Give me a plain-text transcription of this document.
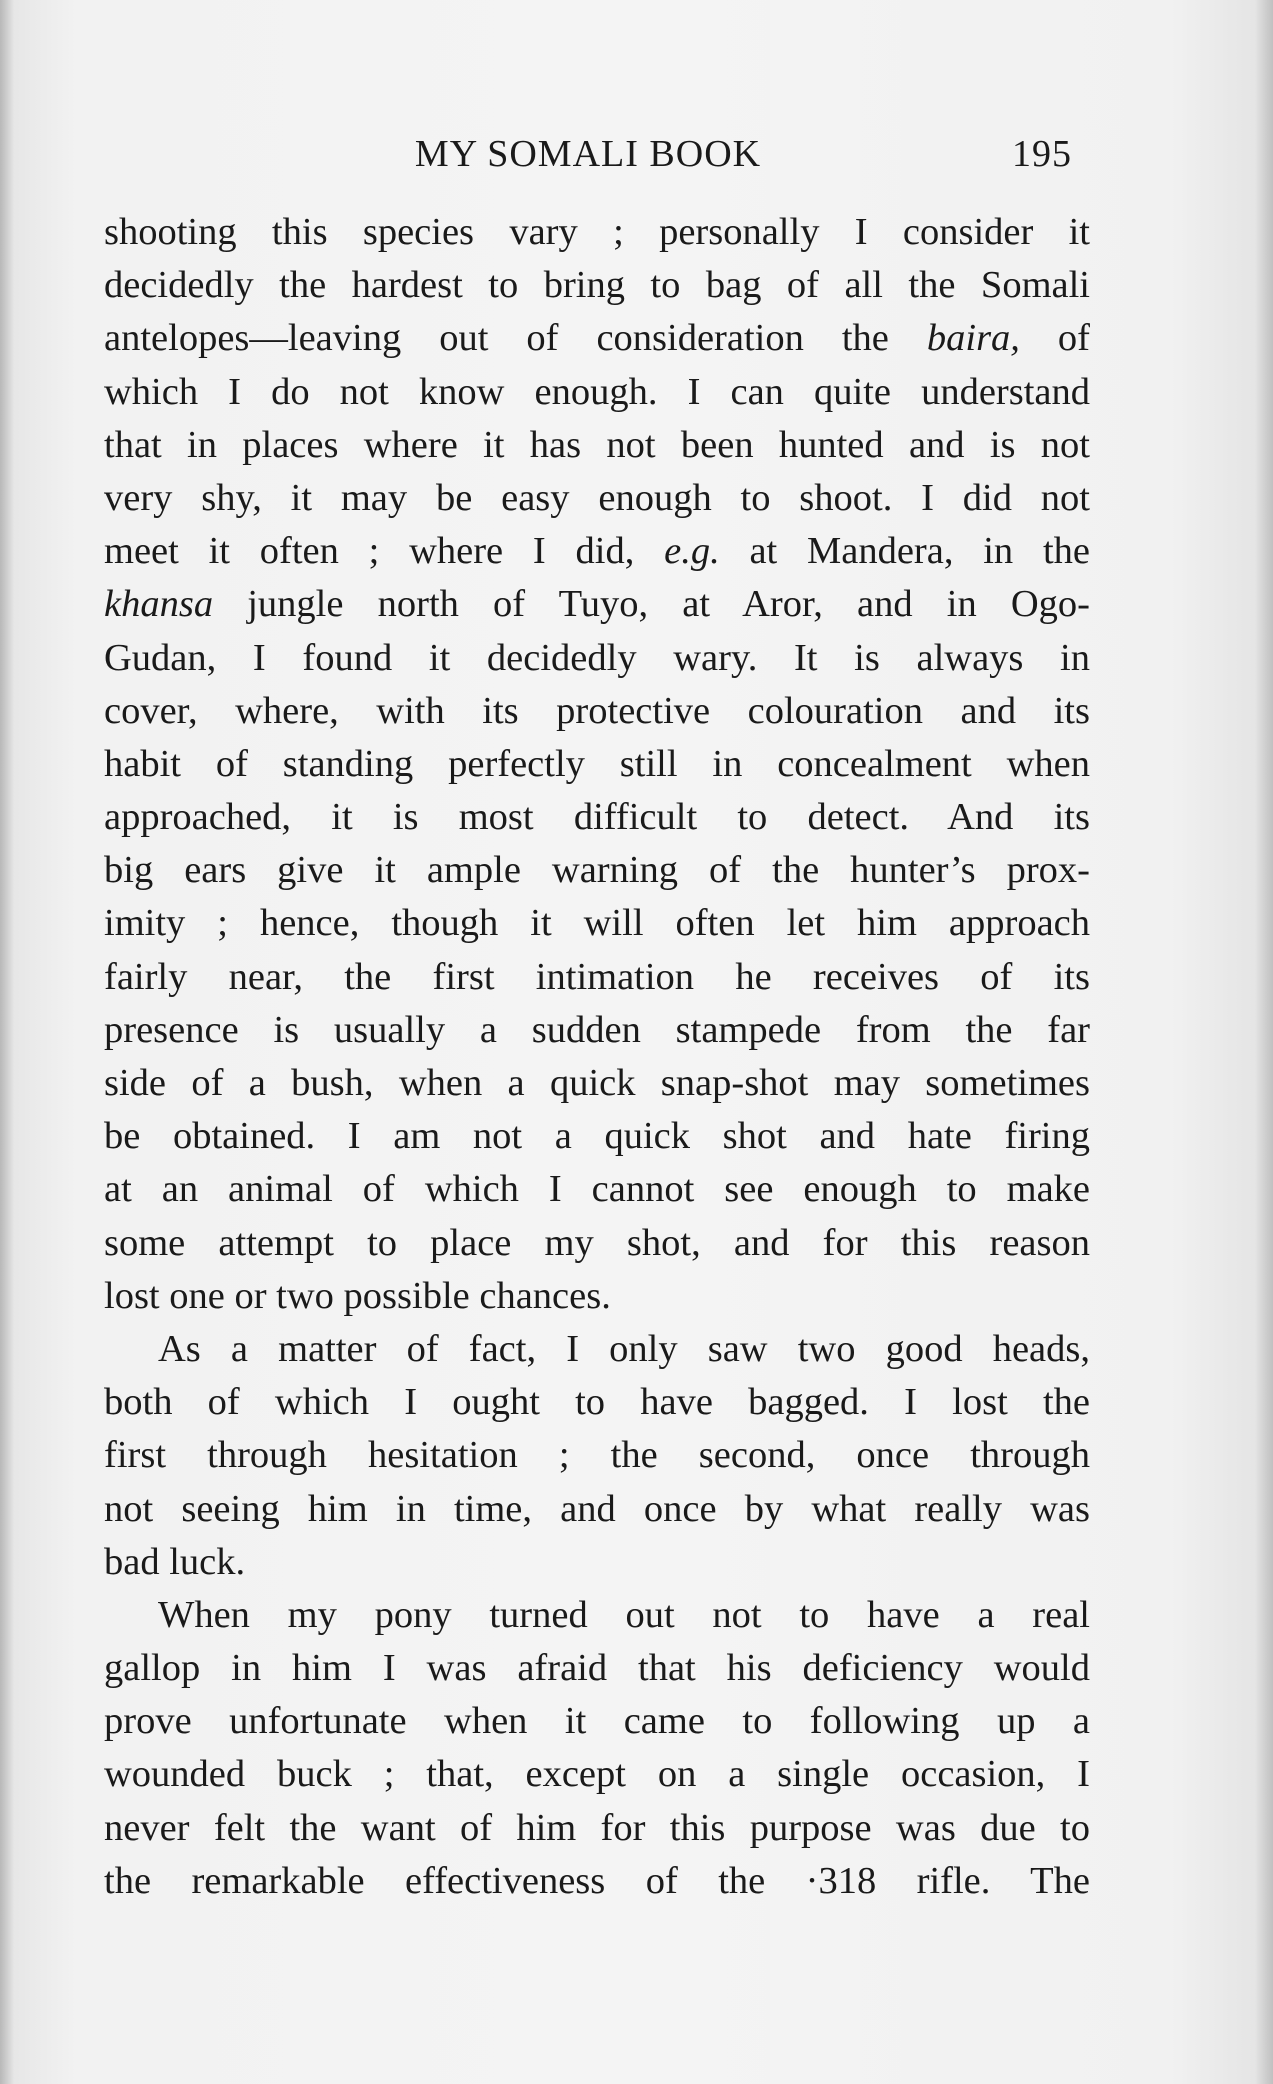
MY SOMALI BOOK	195
shooting this species vary ; personally I consider it
decidedly the hardest to bring to bag of all the Somali
antelopes—leaving out of consideration the baira, of
which I do not know enough. I can quite understand
that in places where it has not been hunted and is not
very shy, it may be easy enough to shoot. I did not
meet it often ; where I did, e.g. at Mandera, in the
khansa jungle north of Tuyo, at Aror, and in Ogo-
Gudan, I found it decidedly wary. It is always in
cover, where, with its protective colouration and its
habit of standing perfectly still in concealment when
approached, it is most difficult to detect. And its
big ears give it ample warning of the hunter’s prox-
imity ; hence, though it will often let him approach
fairly near, the first intimation he receives of its
presence is usually a sudden stampede from the far
side of a bush, when a quick snap-shot may sometimes
be obtained. I am not a quick shot and hate firing
at an animal of which I cannot see enough to make
some attempt to place my shot, and for this reason
lost one or two possible chances.
As a matter of fact, I only saw two good heads,
both of which I ought to have bagged. I lost the
first through hesitation ; the second, once through
not seeing him in time, and once by what really was
bad luck.
When my pony turned out not to have a real
gallop in him I was afraid that his deficiency would
prove unfortunate when it came to following up a
wounded buck ; that, except on a single occasion, I
never felt the want of him for this purpose was due to
the remarkable effectiveness of the ·318 rifle. The
